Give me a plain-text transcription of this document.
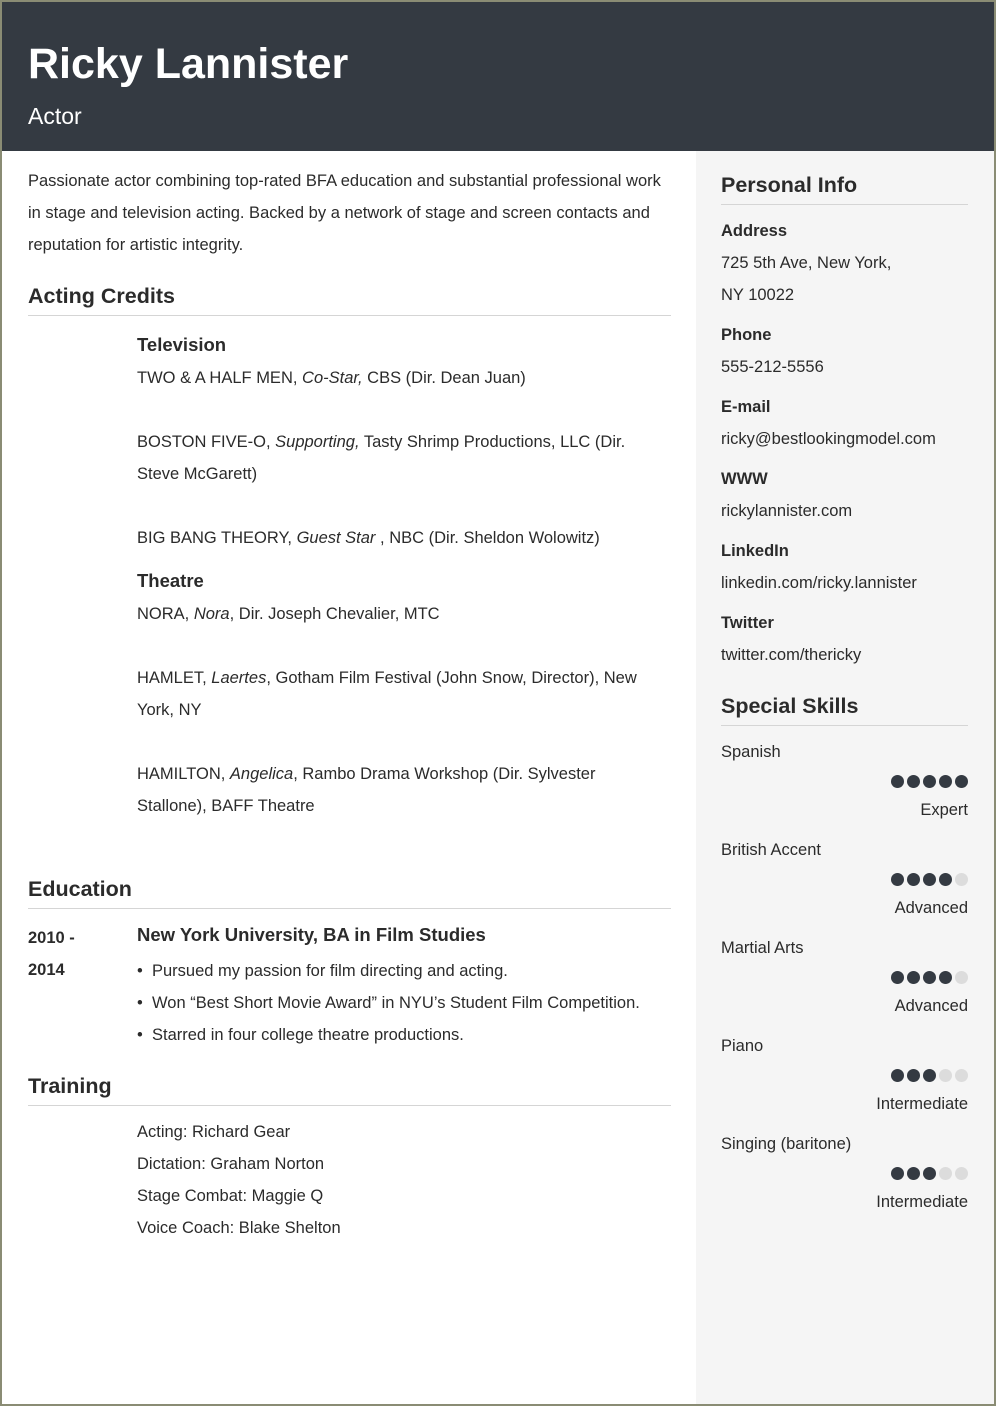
Ricky Lannister
Actor

Passionate actor combining top-rated BFA education and substantial professional work in stage and television acting. Backed by a network of stage and screen contacts and reputation for artistic integrity.

Acting Credits
Television
TWO & A HALF MEN, Co-Star, CBS (Dir. Dean Juan)
BOSTON FIVE-O, Supporting, Tasty Shrimp Productions, LLC (Dir. Steve McGarett)
BIG BANG THEORY, Guest Star , NBC (Dir. Sheldon Wolowitz)
Theatre
NORA, Nora, Dir. Joseph Chevalier, MTC
HAMLET, Laertes, Gotham Film Festival (John Snow, Director), New York, NY
HAMILTON, Angelica, Rambo Drama Workshop (Dir. Sylvester Stallone), BAFF Theatre
Education
2010 - 2014
New York University, BA in Film Studies
• Pursued my passion for film directing and acting.
• Won “Best Short Movie Award” in NYU’s Student Film Competition.
• Starred in four college theatre productions.
Training
Acting: Richard Gear
Dictation: Graham Norton
Stage Combat: Maggie Q
Voice Coach: Blake Shelton
Personal Info
Address
725 5th Ave, New York,
NY 10022
Phone
555-212-5556
E-mail
ricky@bestlookingmodel.com
WWW
rickylannister.com
LinkedIn
linkedin.com/ricky.lannister
Twitter
twitter.com/thericky
Special Skills
Spanish
Expert
British Accent
Advanced
Martial Arts
Advanced
Piano
Intermediate
Singing (baritone)
Intermediate
